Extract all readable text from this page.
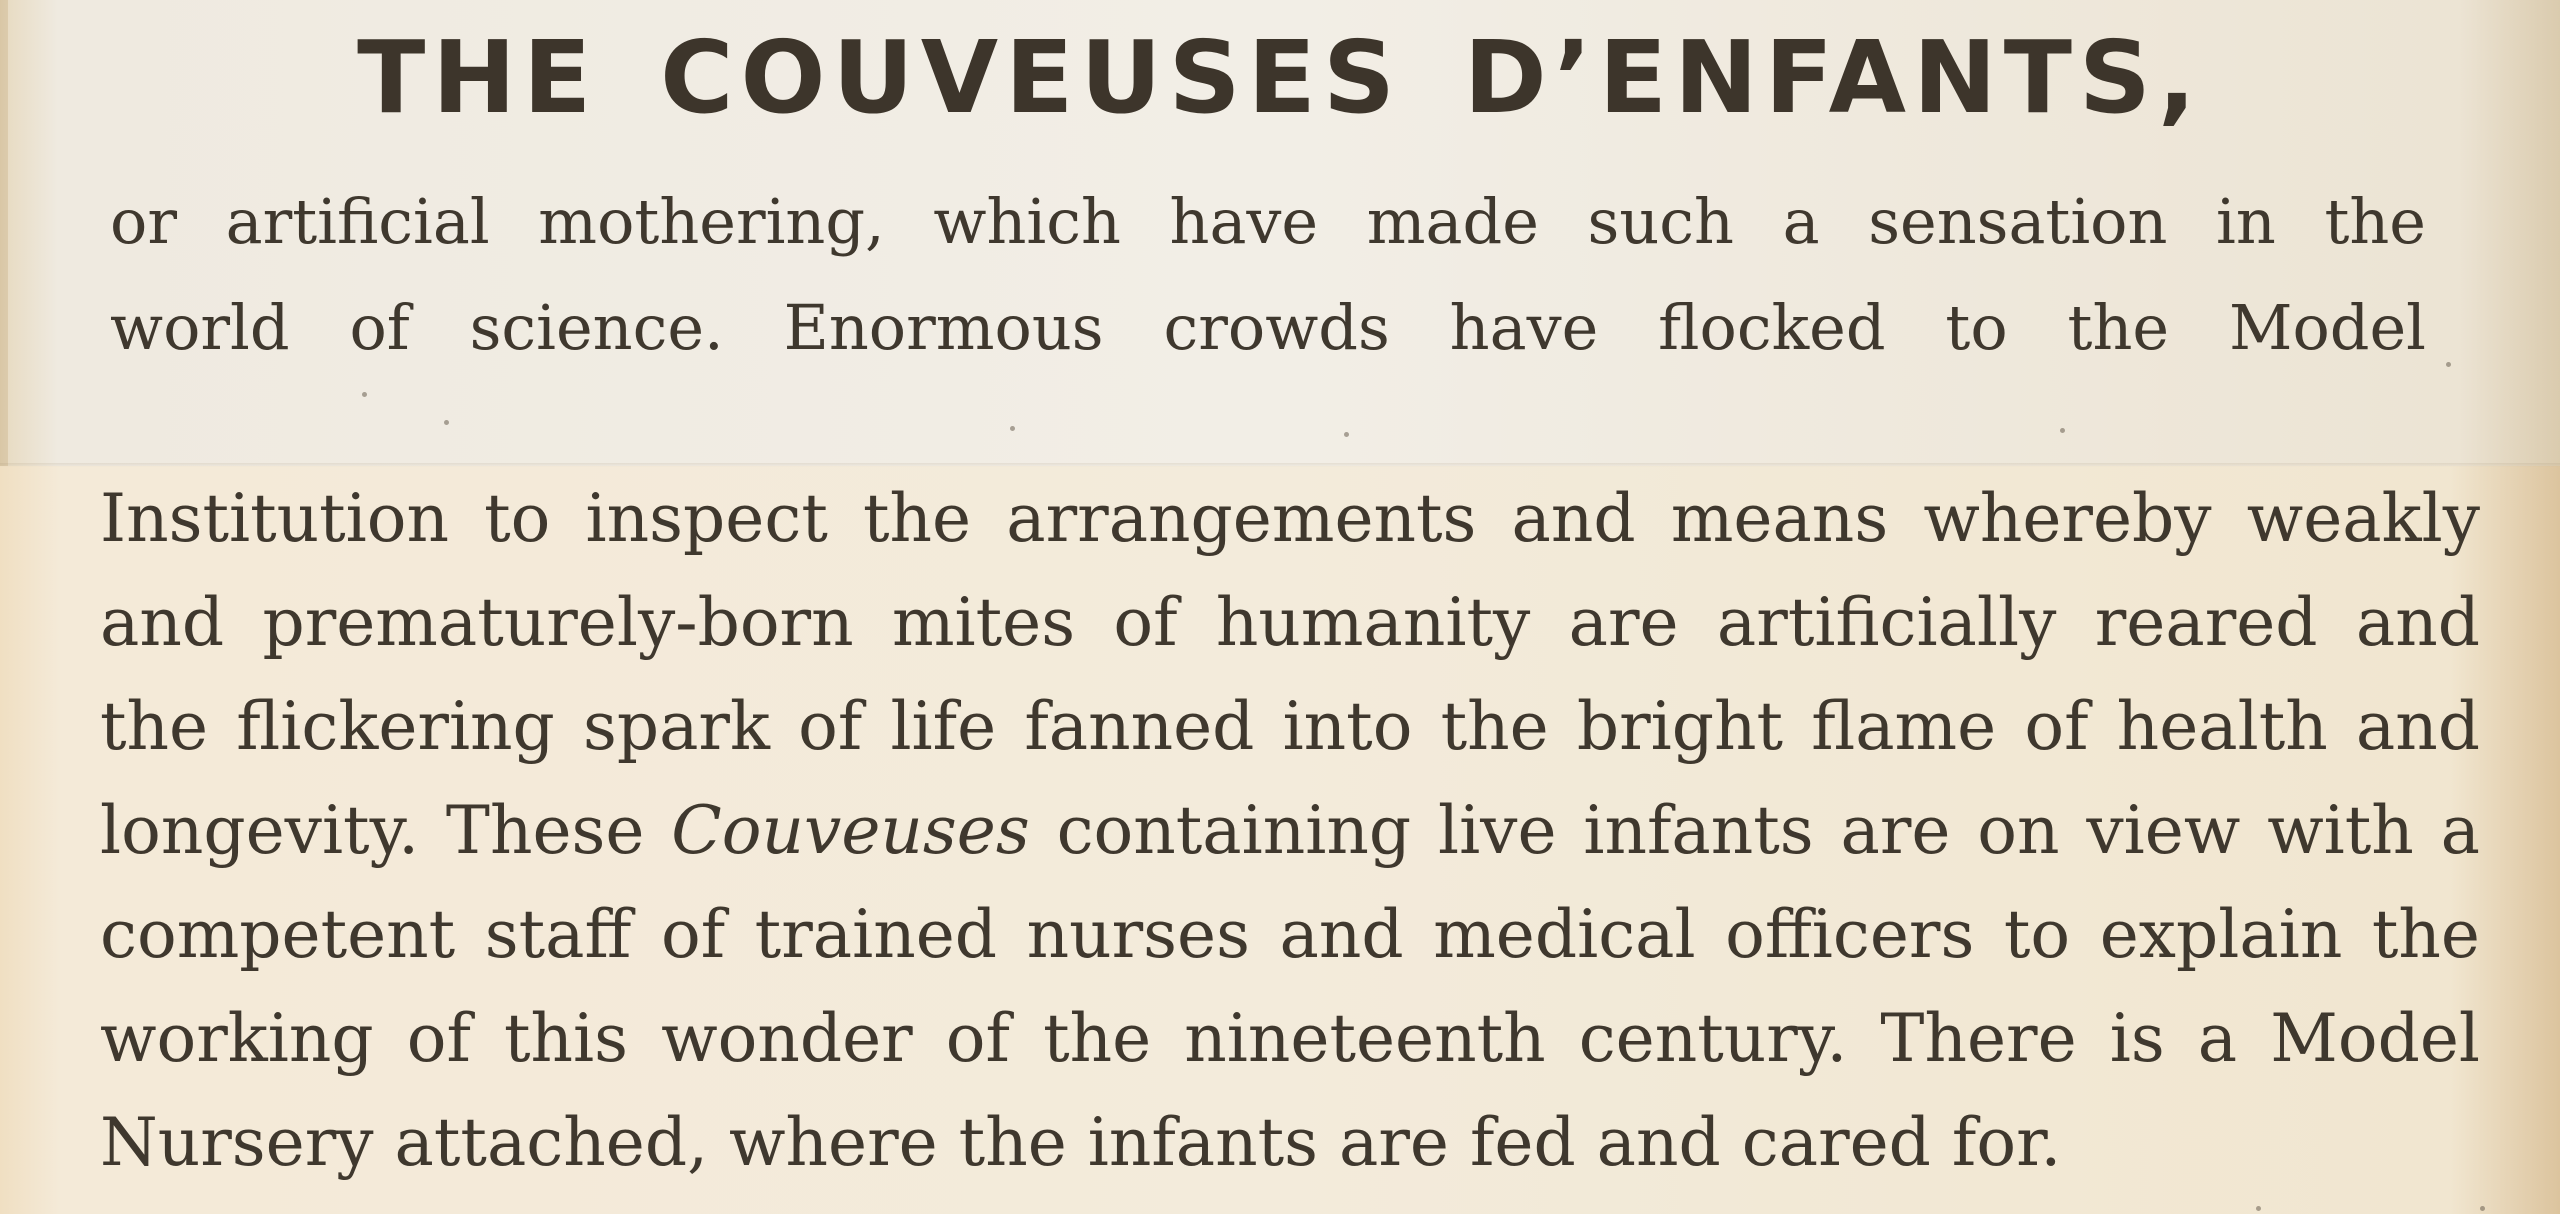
THE COUVEUSES D’ENFANTS,

or artificial mothering, which have made such a sensation in the

world of science. Enormous crowds have flocked to the Model

Institution to inspect the arrangements and means whereby weakly

and prematurely-born mites of humanity are artificially reared and

the flickering spark of life fanned into the bright flame of health and

longevity. These Couveuses containing live infants are on view with a

competent staff of trained nurses and medical officers to explain the

working of this wonder of the nineteenth century. There is a Model

Nursery attached, where the infants are fed and cared for.
